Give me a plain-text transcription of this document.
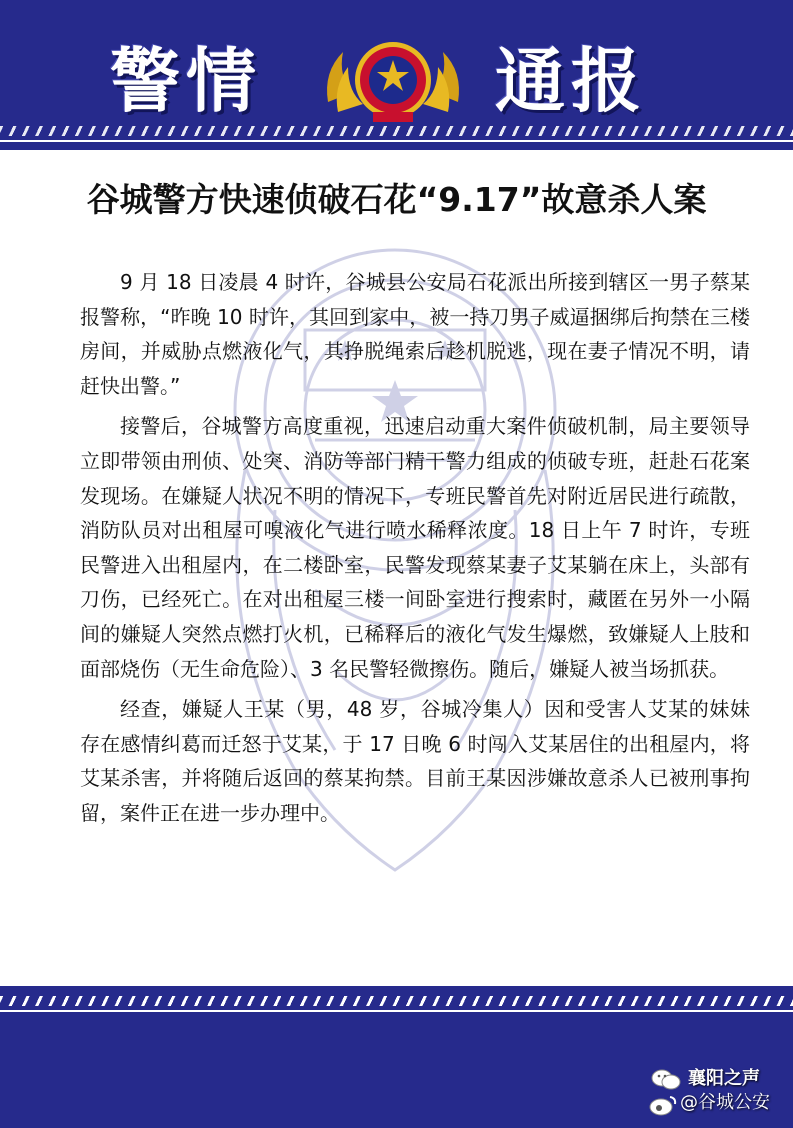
警情	通报
谷城警方快速侦破石花“9.17”故意杀人案

9 月 18 日凌晨 4 时许，谷城县公安局石花派出所接到辖区一男子蔡某报警称，“昨晚 10 时许，其回到家中，被一持刀男子威逼捆绑后拘禁在三楼房间，并威胁点燃液化气，其挣脱绳索后趁机脱逃，现在妻子情况不明，请赶快出警。”

接警后，谷城警方高度重视，迅速启动重大案件侦破机制，局主要领导立即带领由刑侦、处突、消防等部门精干警力组成的侦破专班，赶赴石花案发现场。在嫌疑人状况不明的情况下，专班民警首先对附近居民进行疏散，消防队员对出租屋可嗅液化气进行喷水稀释浓度。18 日上午 7 时许，专班民警进入出租屋内，在二楼卧室，民警发现蔡某妻子艾某躺在床上，头部有刀伤，已经死亡。在对出租屋三楼一间卧室进行搜索时，藏匿在另外一小隔间的嫌疑人突然点燃打火机，已稀释后的液化气发生爆燃，致嫌疑人上肢和面部烧伤（无生命危险）、3 名民警轻微擦伤。随后，嫌疑人被当场抓获。

经查，嫌疑人王某（男，48 岁，谷城冷集人）因和受害人艾某的妹妹存在感情纠葛而迁怒于艾某，于 17 日晚 6 时闯入艾某居住的出租屋内，将艾某杀害，并将随后返回的蔡某拘禁。目前王某因涉嫌故意杀人已被刑事拘留，案件正在进一步办理中。

襄阳之声
@谷城公安
